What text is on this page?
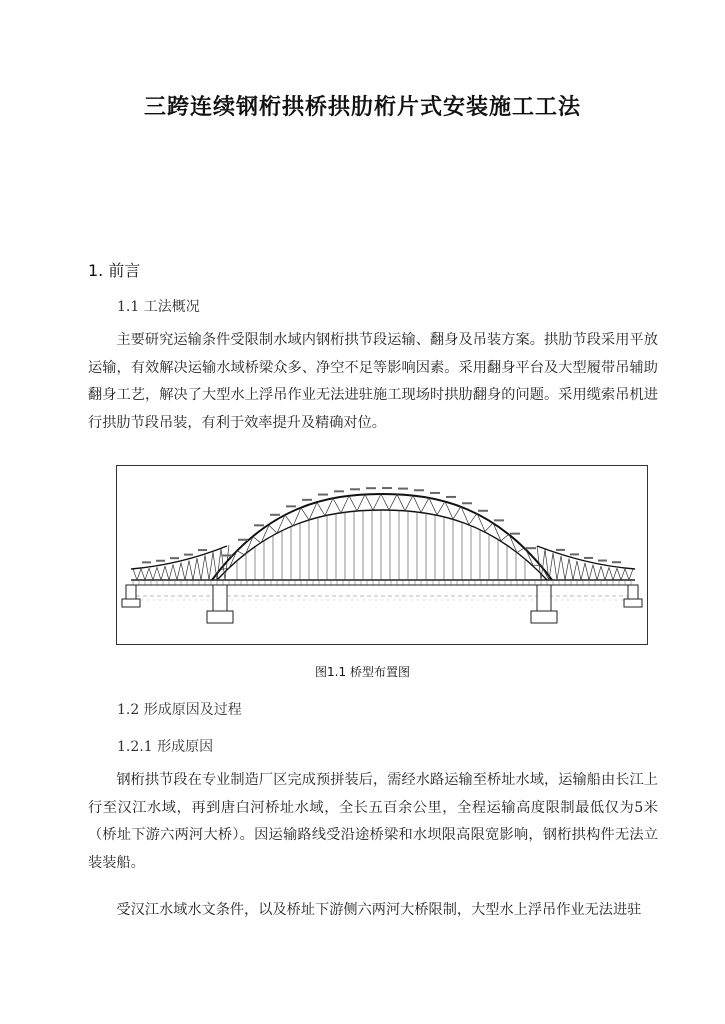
三跨连续钢桁拱桥拱肋桁片式安装施工工法
1. 前言
1.1 工法概况

主要研究运输条件受限制水域内钢桁拱节段运输、翻身及吊装方案。拱肋节段采用平放运输，有效解决运输水域桥梁众多、净空不足等影响因素。采用翻身平台及大型履带吊辅助翻身工艺，解决了大型水上浮吊作业无法进驻施工现场时拱肋翻身的问题。采用缆索吊机进行拱肋节段吊装，有利于效率提升及精确对位。

图1.1 桥型布置图
1.2 形成原因及过程
1.2.1 形成原因

钢桁拱节段在专业制造厂区完成预拼装后，需经水路运输至桥址水域，运输船由长江上行至汉江水域，再到唐白河桥址水域，全长五百余公里，全程运输高度限制最低仅为5米（桥址下游六两河大桥）。因运输路线受沿途桥梁和水坝限高限宽影响，钢桁拱构件无法立装装船。

受汉江水域水文条件，以及桥址下游侧六两河大桥限制，大型水上浮吊作业无法进驻
